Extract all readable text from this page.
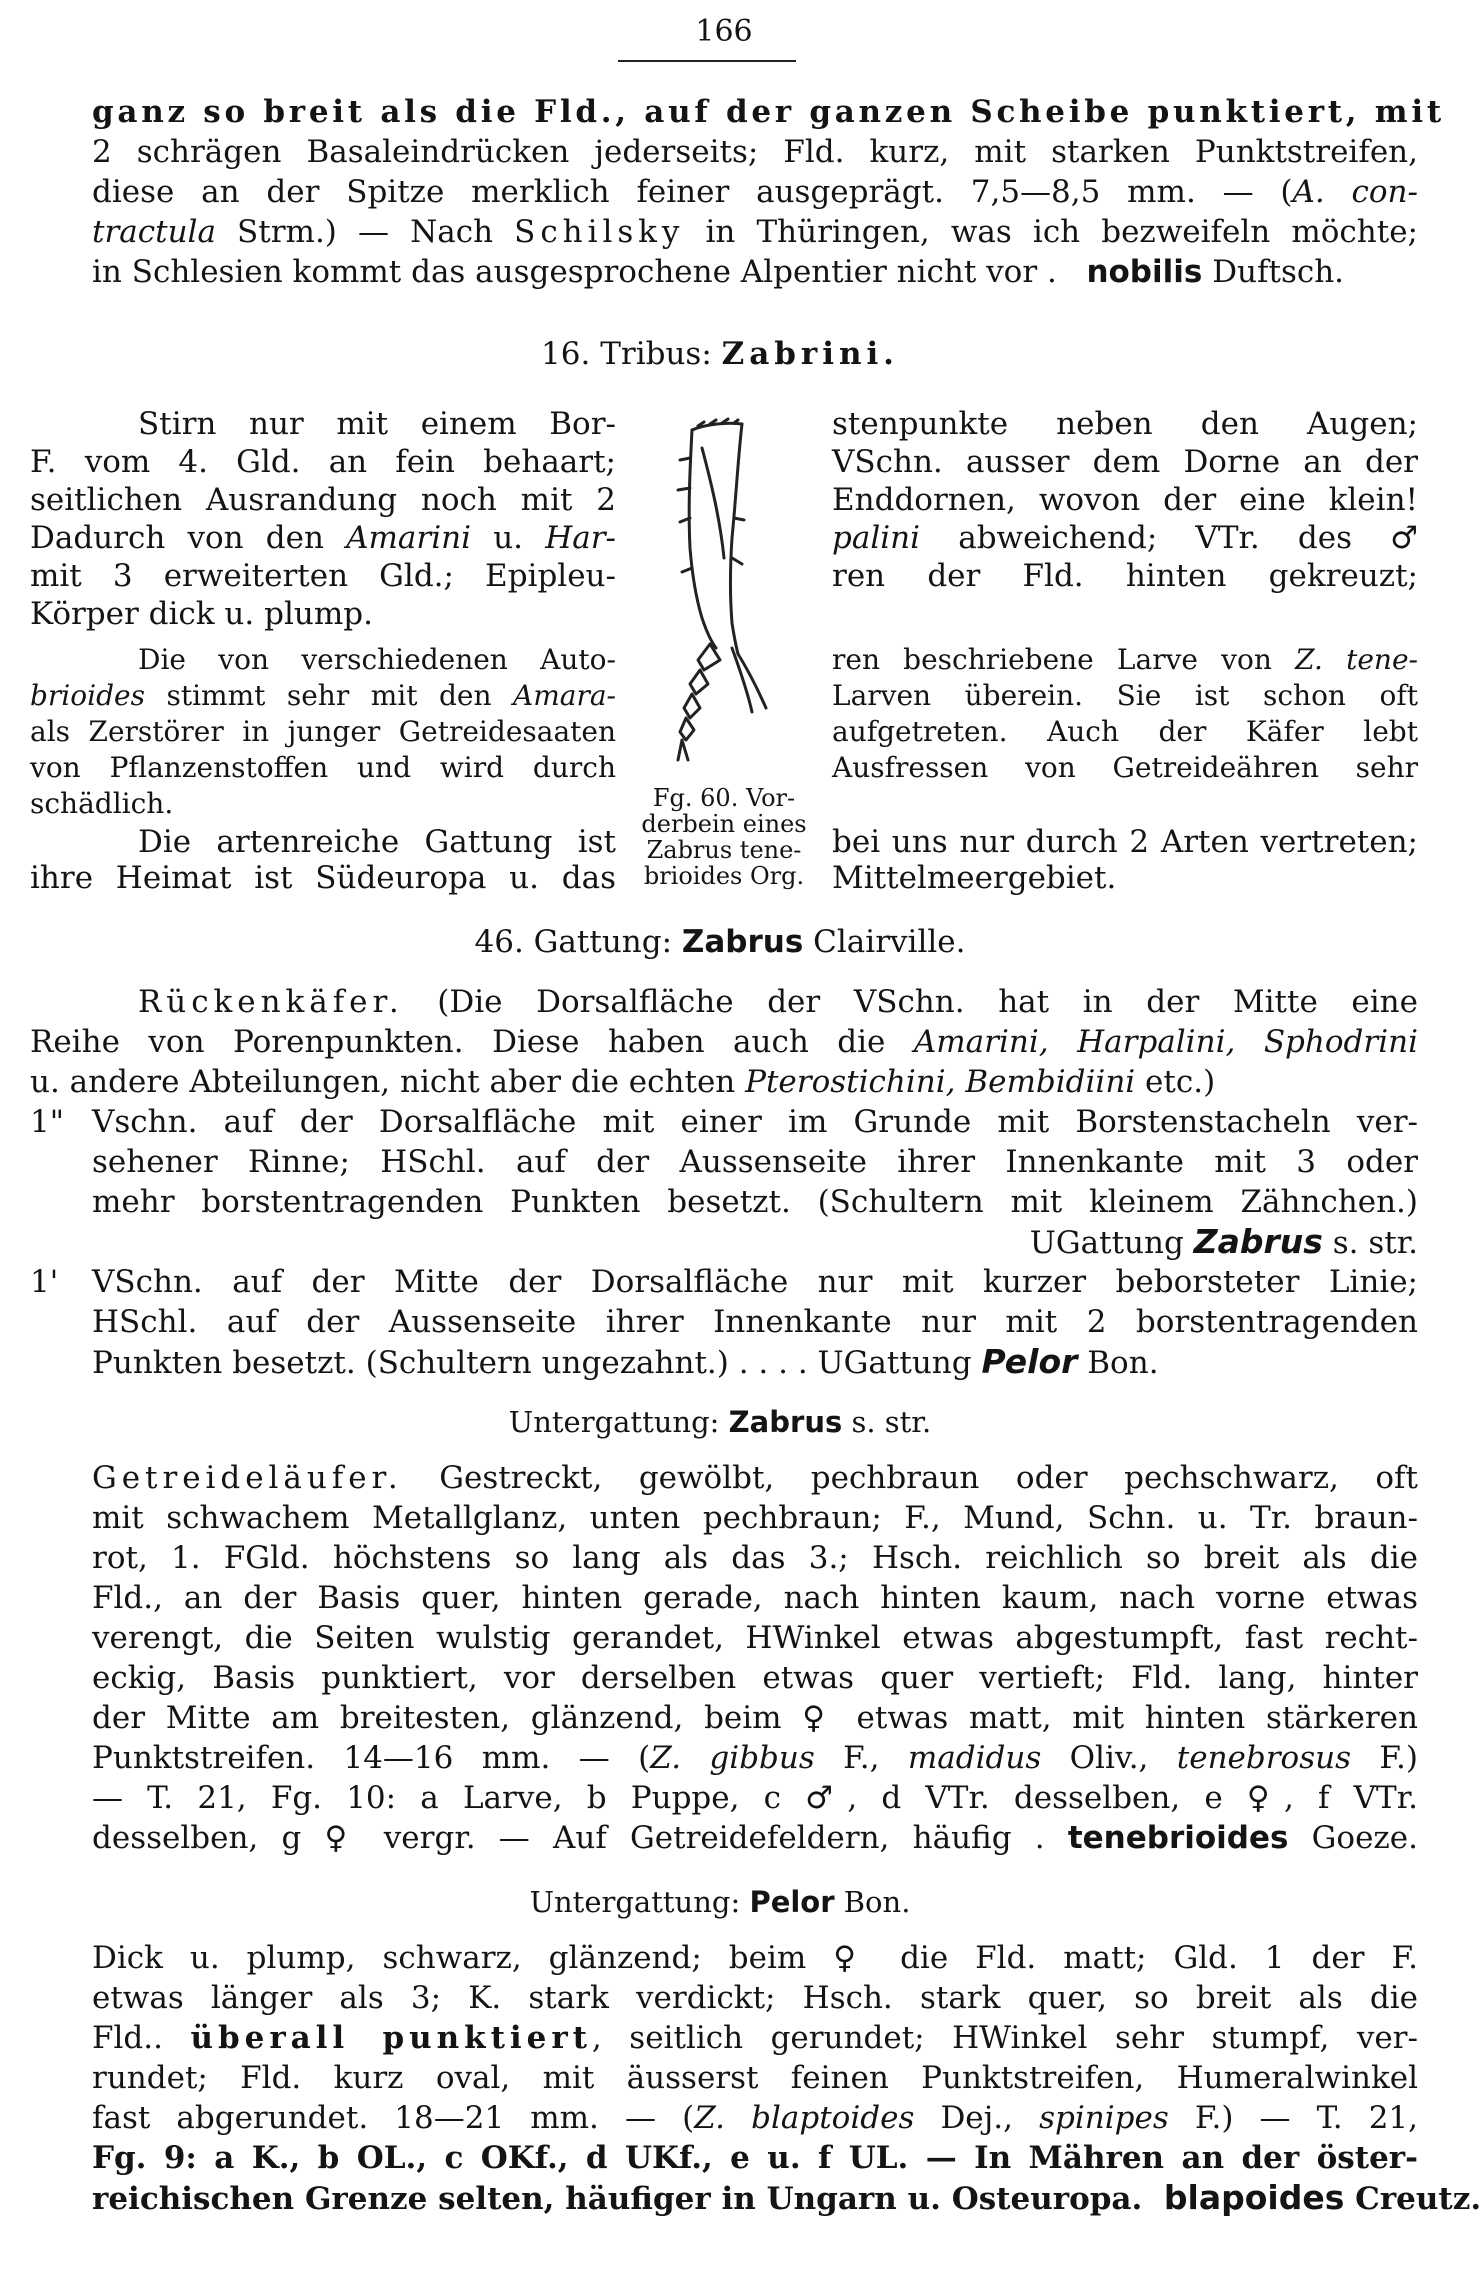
166
ganz so breit als die Fld., auf der ganzen Scheibe punktiert, mit
2 schrägen Basaleindrücken jederseits; Fld. kurz, mit starken Punktstreifen,
diese an der Spitze merklich feiner ausgeprägt. 7,5—8,5 mm. — (A. con-
tractula Strm.) — Nach Schilsky in Thüringen, was ich bezweifeln möchte;
in Schlesien kommt das ausgesprochene Alpentier nicht vor . nobilis Duftsch.
16. Tribus: Zabrini.
Stirn nur mit einem Bor-
F. vom 4. Gld. an fein behaart;
seitlichen Ausrandung noch mit 2
Dadurch von den Amarini u. Har-
mit 3 erweiterten Gld.; Epipleu-
Körper dick u. plump.
Die von verschiedenen Auto-
brioides stimmt sehr mit den Amara-
als Zerstörer in junger Getreidesaaten
von Pflanzenstoffen und wird durch
schädlich.
Die artenreiche Gattung ist
ihre Heimat ist Südeuropa u. das
Fg. 60. Vor-
derbein eines
Zabrus tene-
brioides Org.
stenpunkte neben den Augen;
VSchn. ausser dem Dorne an der
Enddornen, wovon der eine klein!
palini abweichend; VTr. des ♂
ren der Fld. hinten gekreuzt;
ren beschriebene Larve von Z. tene-
Larven überein. Sie ist schon oft
aufgetreten. Auch der Käfer lebt
Ausfressen von Getreideähren sehr
bei uns nur durch 2 Arten vertreten;
Mittelmeergebiet.
46. Gattung: Zabrus Clairville.
Rückenkäfer. (Die Dorsalfläche der VSchn. hat in der Mitte eine
Reihe von Porenpunkten. Diese haben auch die Amarini, Harpalini, Sphodrini
u. andere Abteilungen, nicht aber die echten Pterostichini, Bembidiini etc.)
1" Vschn. auf der Dorsalfläche mit einer im Grunde mit Borstenstacheln ver-
sehener Rinne; HSchl. auf der Aussenseite ihrer Innenkante mit 3 oder
mehr borstentragenden Punkten besetzt. (Schultern mit kleinem Zähnchen.)
UGattung Zabrus s. str.
1' VSchn. auf der Mitte der Dorsalfläche nur mit kurzer beborsteter Linie;
HSchl. auf der Aussenseite ihrer Innenkante nur mit 2 borstentragenden
Punkten besetzt. (Schultern ungezahnt.) . . . . UGattung Pelor Bon.
Untergattung: Zabrus s. str.
Getreideläufer. Gestreckt, gewölbt, pechbraun oder pechschwarz, oft
mit schwachem Metallglanz, unten pechbraun; F., Mund, Schn. u. Tr. braun-
rot, 1. FGld. höchstens so lang als das 3.; Hsch. reichlich so breit als die
Fld., an der Basis quer, hinten gerade, nach hinten kaum, nach vorne etwas
verengt, die Seiten wulstig gerandet, HWinkel etwas abgestumpft, fast recht-
eckig, Basis punktiert, vor derselben etwas quer vertieft; Fld. lang, hinter
der Mitte am breitesten, glänzend, beim ♀ etwas matt, mit hinten stärkeren
Punktstreifen. 14—16 mm. — (Z. gibbus F., madidus Oliv., tenebrosus F.)
— T. 21, Fg. 10: a Larve, b Puppe, c ♂, d VTr. desselben, e ♀, f VTr.
desselben, g ♀ vergr. — Auf Getreidefeldern, häufig . tenebrioides Goeze.
Untergattung: Pelor Bon.
Dick u. plump, schwarz, glänzend; beim ♀ die Fld. matt; Gld. 1 der F.
etwas länger als 3; K. stark verdickt; Hsch. stark quer, so breit als die
Fld.. überall punktiert, seitlich gerundet; HWinkel sehr stumpf, ver-
rundet; Fld. kurz oval, mit äusserst feinen Punktstreifen, Humeralwinkel
fast abgerundet. 18—21 mm. — (Z. blaptoides Dej., spinipes F.) — T. 21,
Fg. 9: a K., b OL., c OKf., d UKf., e u. f UL. — In Mähren an der öster-
reichischen Grenze selten, häufiger in Ungarn u. Osteuropa. blapoides Creutz.
